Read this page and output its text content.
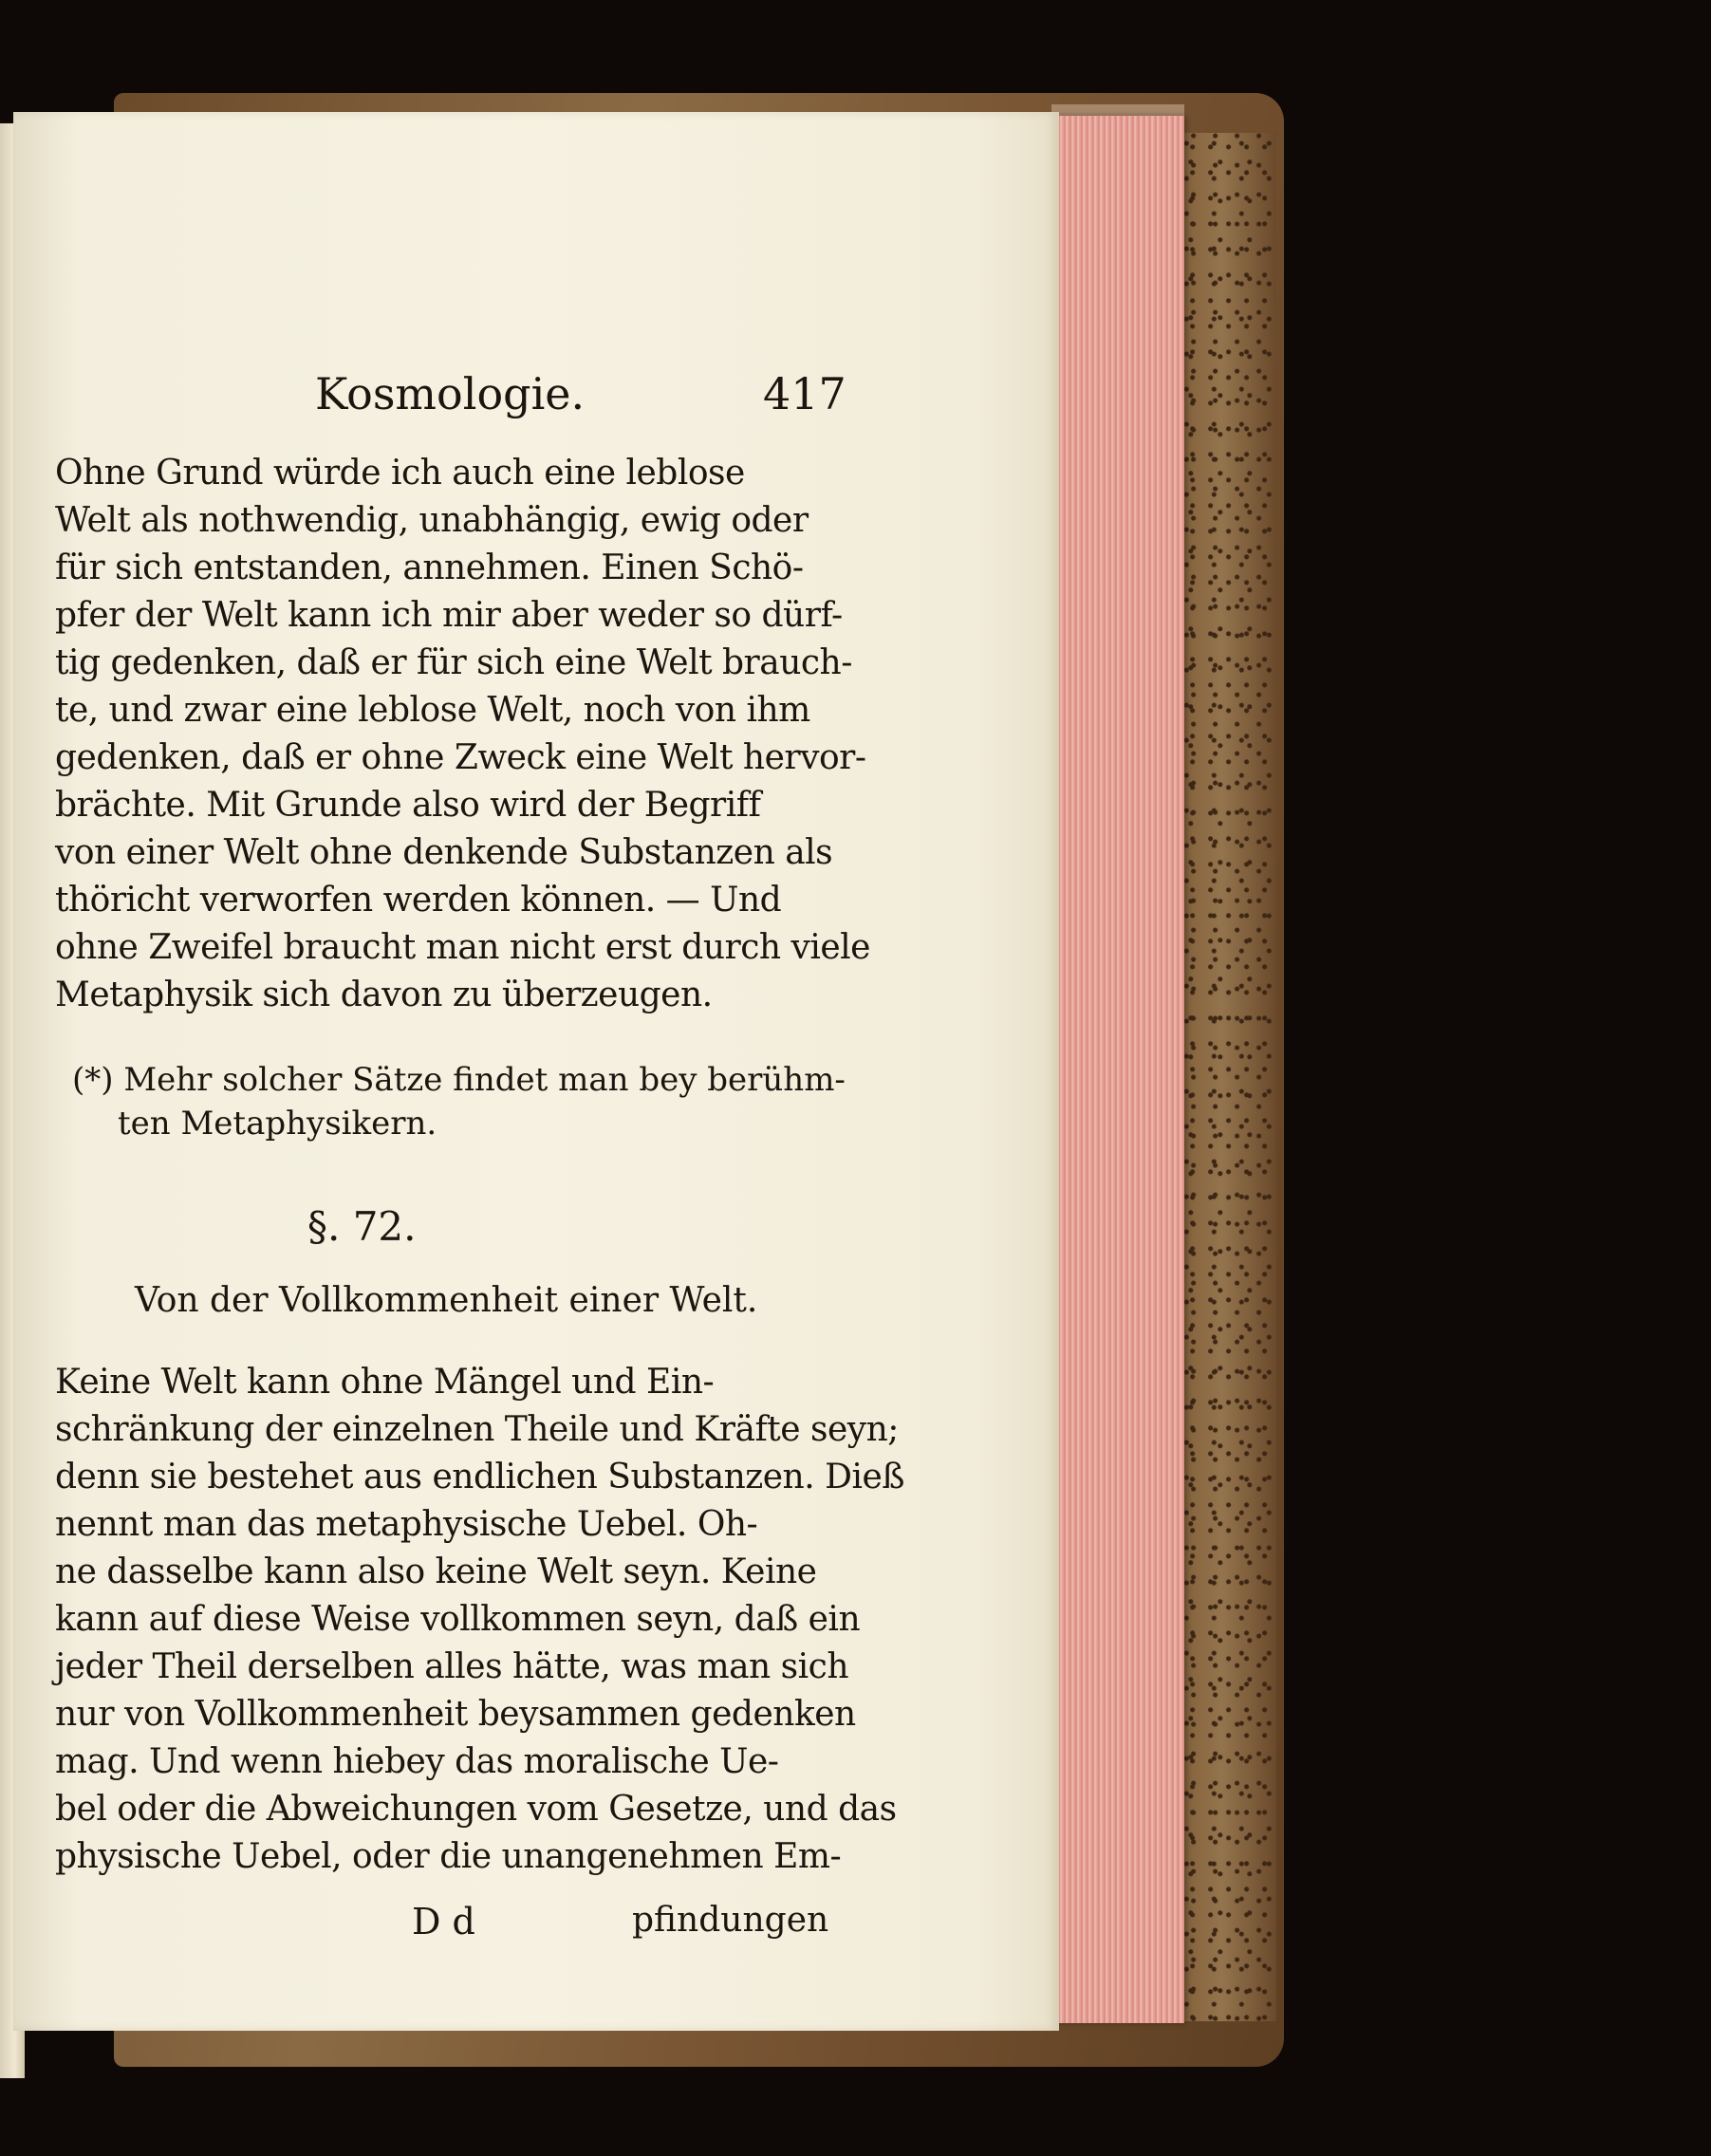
Kosmologie.	417
Ohne Grund würde ich auch eine leblose
Welt als nothwendig, unabhängig, ewig oder
für sich entstanden, annehmen. Einen Schö-
pfer der Welt kann ich mir aber weder so dürf-
tig gedenken, daß er für sich eine Welt brauch-
te, und zwar eine leblose Welt, noch von ihm
gedenken, daß er ohne Zweck eine Welt hervor-
brächte. Mit Grunde also wird der Begriff
von einer Welt ohne denkende Substanzen als
thöricht verworfen werden können. — Und
ohne Zweifel braucht man nicht erst durch viele
Metaphysik sich davon zu überzeugen.
(*) Mehr solcher Sätze findet man bey berühm-
ten Metaphysikern.
§. 72.
Von der Vollkommenheit einer Welt.
Keine Welt kann ohne Mängel und Ein-
schränkung der einzelnen Theile und Kräfte seyn;
denn sie bestehet aus endlichen Substanzen. Dieß
nennt man das metaphysische Uebel. Oh-
ne dasselbe kann also keine Welt seyn. Keine
kann auf diese Weise vollkommen seyn, daß ein
jeder Theil derselben alles hätte, was man sich
nur von Vollkommenheit beysammen gedenken
mag. Und wenn hiebey das moralische Ue-
bel oder die Abweichungen vom Gesetze, und das
physische Uebel, oder die unangenehmen Em-
D d	pfindungen
